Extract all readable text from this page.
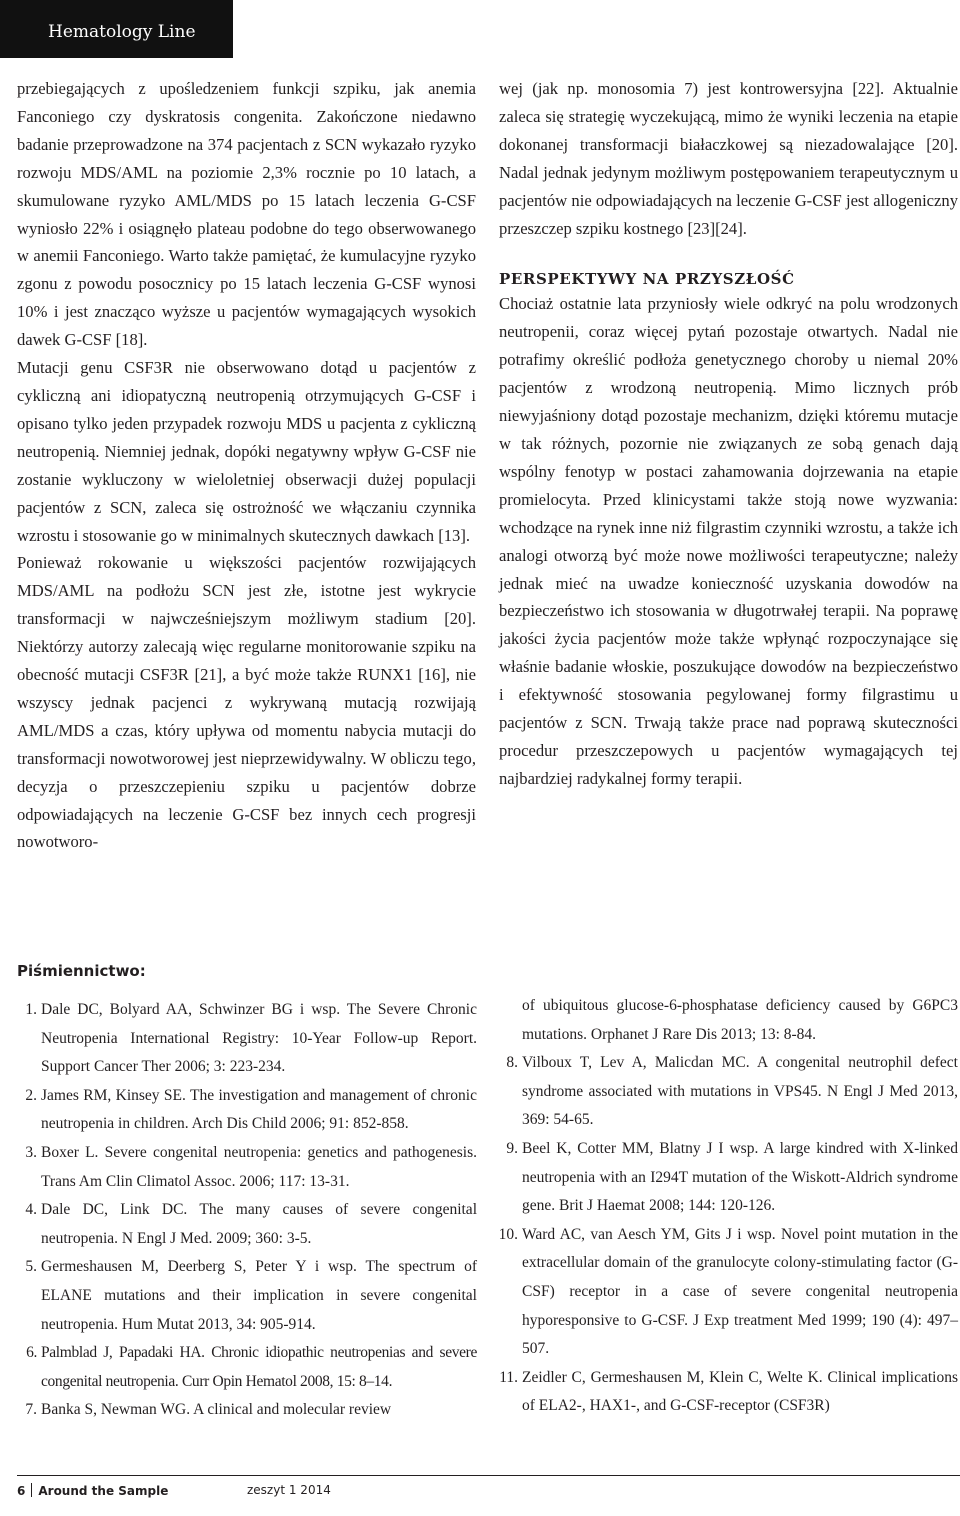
Hematology Line

przebiegających z upośledzeniem funkcji szpiku, jak anemia Fanconiego czy dyskratosis congenita. Zakończone niedawno badanie przeprowadzone na 374 pacjentach z SCN wykazało ryzyko rozwoju MDS/AML na poziomie 2,3% rocznie po 10 latach, a skumulowane ryzyko AML/MDS po 15 latach leczenia G-CSF wyniosło 22% i osiągnęło plateau podobne do tego obserwowanego w anemii Fanconiego. Warto także pamiętać, że kumulacyjne ryzyko zgonu z powodu posocznicy po 15 latach leczenia G-CSF wynosi 10% i jest znacząco wyższe u pacjentów wymagających wysokich dawek G-CSF [18].

Mutacji genu CSF3R nie obserwowano dotąd u pacjentów z cykliczną ani idiopatyczną neutropenią otrzymujących G-CSF i opisano tylko jeden przypadek rozwoju MDS u pacjenta z cykliczną neutropenią. Niemniej jednak, dopóki negatywny wpływ G-CSF nie zostanie wykluczony w wieloletniej obserwacji dużej populacji pacjentów z SCN, zaleca się ostrożność we włączaniu czynnika wzrostu i stosowanie go w minimalnych skutecznych dawkach [13].

Ponieważ rokowanie u większości pacjentów rozwijających MDS/AML na podłożu SCN jest złe, istotne jest wykrycie transformacji w najwcześniejszym możliwym stadium [20]. Niektórzy autorzy zalecają więc regularne monitorowanie szpiku na obecność mutacji CSF3R [21], a być może także RUNX1 [16], nie wszyscy jednak pacjenci z wykrywaną mutacją rozwijają AML/MDS a czas, który upływa od momentu nabycia mutacji do transformacji nowotworowej jest nieprzewidywalny. W obliczu tego, decyzja o przeszczepieniu szpiku u pacjentów dobrze odpowiadających na leczenie G-CSF bez innych cech progresji nowotworo-

wej (jak np. monosomia 7) jest kontrowersyjna [22]. Aktualnie zaleca się strategię wyczekującą, mimo że wyniki leczenia na etapie dokonanej transformacji białaczkowej są niezadowalające [20]. Nadal jednak jedynym możliwym postępowaniem terapeutycznym u pacjentów nie odpowiadających na leczenie G-CSF jest allogeniczny przeszczep szpiku kostnego [23][24].

PERSPEKTYWY NA PRZYSZŁOŚĆ

Chociaż ostatnie lata przyniosły wiele odkryć na polu wrodzonych neutropenii, coraz więcej pytań pozostaje otwartych. Nadal nie potrafimy określić podłoża genetycznego choroby u niemal 20% pacjentów z wrodzoną neutropenią. Mimo licznych prób niewyjaśniony dotąd pozostaje mechanizm, dzięki któremu mutacje w tak różnych, pozornie nie związanych ze sobą genach dają wspólny fenotyp w postaci zahamowania dojrzewania na etapie promielocyta. Przed klinicystami także stoją nowe wyzwania: wchodzące na rynek inne niż filgrastim czynniki wzrostu, a także ich analogi otworzą być może nowe możliwości terapeutyczne; należy jednak mieć na uwadze konieczność uzyskania dowodów na bezpieczeństwo ich stosowania w długotrwałej terapii. Na poprawę jakości życia pacjentów może także wpłynąć rozpoczynające się właśnie badanie włoskie, poszukujące dowodów na bezpieczeństwo i efektywność stosowania pegylowanej formy filgrastimu u pacjentów z SCN. Trwają także prace nad poprawą skuteczności procedur przeszczepowych u pacjentów wymagających tej najbardziej radykalnej formy terapii.

Piśmiennictwo:
1. Dale DC, Bolyard AA, Schwinzer BG i wsp. The Severe Chronic Neutropenia International Registry: 10-Year Follow-up Report. Support Cancer Ther 2006; 3: 223-234.
2. James RM, Kinsey SE. The investigation and management of chronic neutropenia in children. Arch Dis Child 2006; 91: 852-858.
3. Boxer L. Severe congenital neutropenia: genetics and pathogenesis. Trans Am Clin Climatol Assoc. 2006; 117: 13-31.
4. Dale DC, Link DC. The many causes of severe congenital neutropenia. N Engl J Med. 2009; 360: 3-5.
5. Germeshausen M, Deerberg S, Peter Y i wsp. The spectrum of ELANE mutations and their implication in severe congenital neutropenia. Hum Mutat 2013, 34: 905-914.
6. Palmblad J, Papadaki HA. Chronic idiopathic neutropenias and severe congenital neutropenia. Curr Opin Hematol 2008, 15: 8–14.
7. Banka S, Newman WG. A clinical and molecular review
of ubiquitous glucose-6-phosphatase deficiency caused by G6PC3 mutations. Orphanet J Rare Dis 2013; 13: 8-84.
8. Vilboux T, Lev A, Malicdan MC. A congenital neutrophil defect syndrome associated with mutations in VPS45. N Engl J Med 2013, 369: 54-65.
9. Beel K, Cotter MM, Blatny J I wsp. A large kindred with X-linked neutropenia with an I294T mutation of the Wiskott-Aldrich syndrome gene. Brit J Haemat 2008; 144: 120-126.
10. Ward AC, van Aesch YM, Gits J i wsp. Novel point mutation in the extracellular domain of the granulocyte colony-stimulating factor (G-CSF) receptor in a case of severe congenital neutropenia hyporesponsive to G-CSF. J Exp treatment Med 1999; 190 (4): 497–507.
11. Zeidler C, Germeshausen M, Klein C, Welte K. Clinical implications of ELA2-, HAX1-, and G-CSF-receptor (CSF3R)
6 Around the Sample	zeszyt 1 2014
